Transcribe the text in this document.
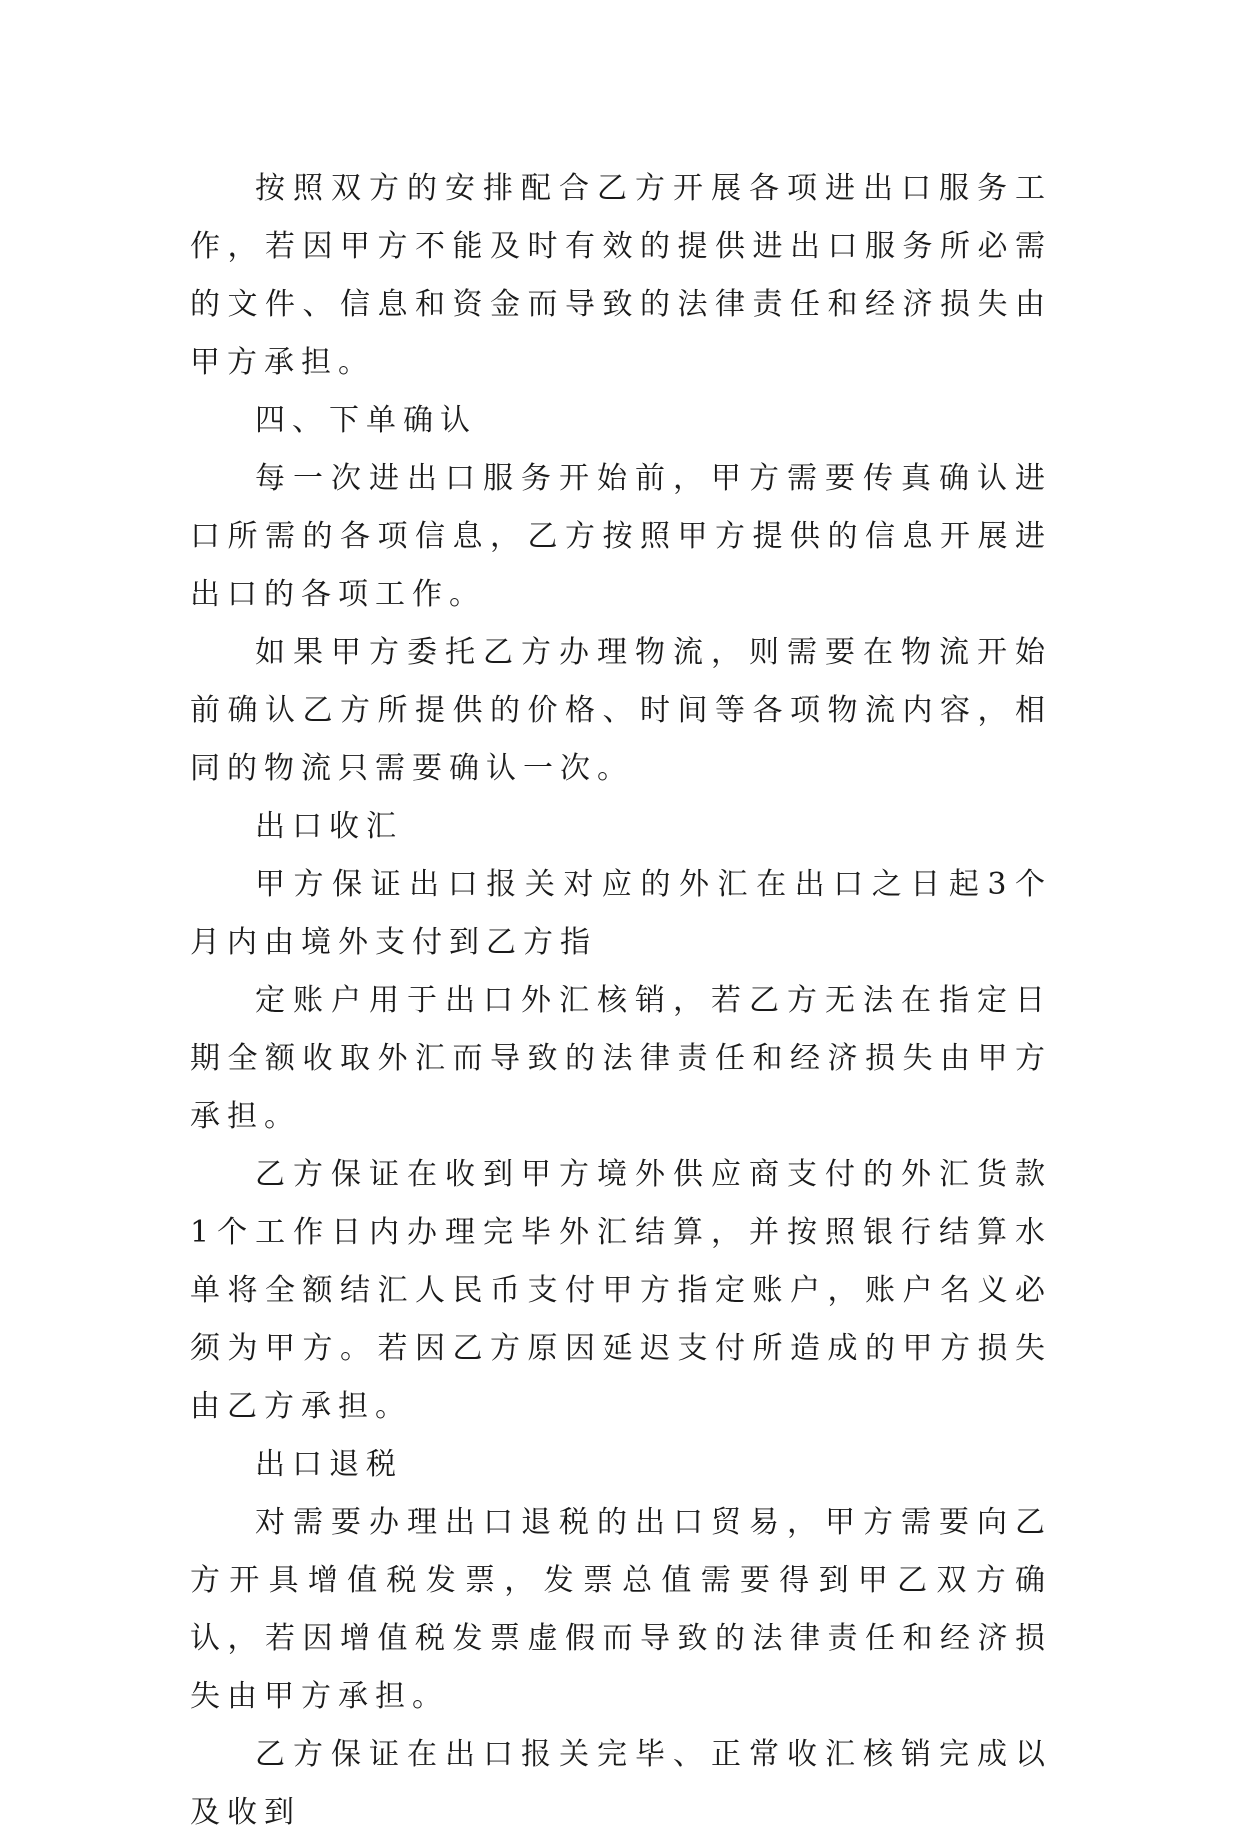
按照双方的安排配合乙方开展各项进出口服务工作，若因甲方不能及时有效的提供进出口服务所必需的文件、信息和资金而导致的法律责任和经济损失由甲方承担。

四、下单确认

每一次进出口服务开始前，甲方需要传真确认进口所需的各项信息，乙方按照甲方提供的信息开展进出口的各项工作。

如果甲方委托乙方办理物流，则需要在物流开始前确认乙方所提供的价格、时间等各项物流内容，相同的物流只需要确认一次。

出口收汇

甲方保证出口报关对应的外汇在出口之日起3个月内由境外支付到乙方指

定账户用于出口外汇核销，若乙方无法在指定日期全额收取外汇而导致的法律责任和经济损失由甲方承担。

乙方保证在收到甲方境外供应商支付的外汇货款1个工作日内办理完毕外汇结算，并按照银行结算水单将全额结汇人民币支付甲方指定账户，账户名义必须为甲方。若因乙方原因延迟支付所造成的甲方损失由乙方承担。

出口退税

对需要办理出口退税的出口贸易，甲方需要向乙方开具增值税发票，发票总值需要得到甲乙双方确认，若因增值税发票虚假而导致的法律责任和经济损失由甲方承担。

乙方保证在出口报关完毕、正常收汇核销完成以及收到
